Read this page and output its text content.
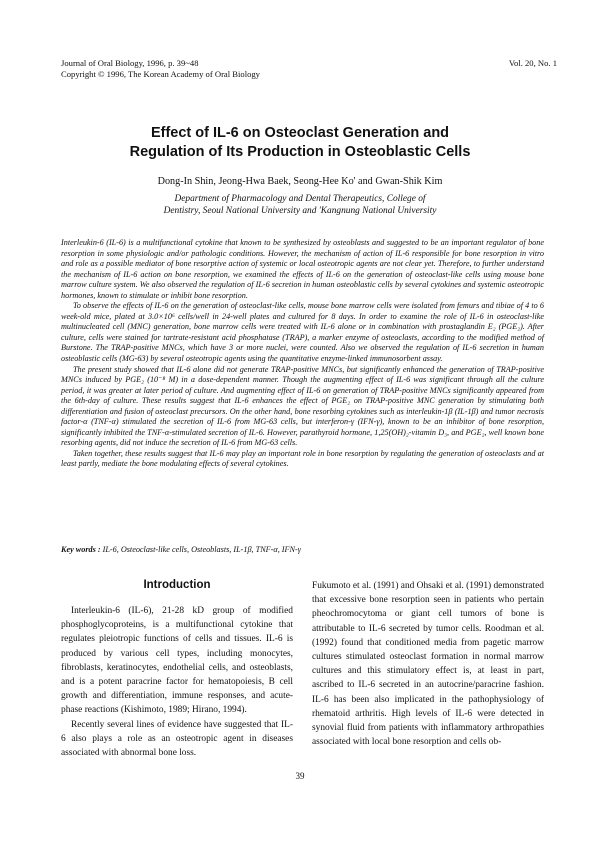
Journal of Oral Biology, 1996, p. 39~48
Copyright © 1996, The Korean Academy of Oral Biology
Vol. 20, No. 1
Effect of IL-6 on Osteoclast Generation and
Regulation of Its Production in Osteoblastic Cells
Dong-In Shin, Jeong-Hwa Baek, Seong-Hee Ko' and Gwan-Shik Kim
Department of Pharmacology and Dental Therapeutics, College of
Dentistry, Seoul National University and 'Kangnung National University

Interleukin-6 (IL-6) is a multifunctional cytokine that known to be synthesized by osteoblasts and suggested to be an important regulator of bone resorption in some physiologic and/or pathologic conditions. However, the mechanism of action of IL-6 responsible for bone resorption in vitro and role as a possible mediator of bone resorptive action of systemic or local osteotropic agents are not clear yet. Therefore, to further understand the mechanism of IL-6 action on bone resorption, we examined the effects of IL-6 on the generation of osteoclast-like cells using mouse bone marrow culture system. We also observed the regulation of IL-6 secretion in human osteoblastic cells by several cytokines and systemic osteotropic hormones, known to stimulate or inhibit bone resorption.

To observe the effects of IL-6 on the generation of osteoclast-like cells, mouse bone marrow cells were isolated from femurs and tibiae of 4 to 6 week-old mice, plated at 3.0×10⁶ cells/well in 24-well plates and cultured for 8 days. In order to examine the role of IL-6 in osteoclast-like multinucleated cell (MNC) generation, bone marrow cells were treated with IL-6 alone or in combination with prostaglandin E₂ (PGE₂). After culture, cells were stained for tartrate-resistant acid phosphatase (TRAP), a marker enzyme of osteoclasts, according to the modified method of Burstone. The TRAP-positive MNCs, which have 3 or more nuclei, were counted. Also we observed the regulation of IL-6 secretion in human osteoblastic cells (MG-63) by several osteotropic agents using the quantitative enzyme-linked immunosorbent assay.

The present study showed that IL-6 alone did not generate TRAP-positive MNCs, but significantly enhanced the generation of TRAP-positive MNCs induced by PGE₂ (10⁻⁸ M) in a dose-dependent manner. Though the augmenting effect of IL-6 was significant through all the culture period, it was greater at later period of culture. And augmenting effect of IL-6 on generation of TRAP-positive MNCs significantly appeared from the 6th-day of culture. These results suggest that IL-6 enhances the effect of PGE₂ on TRAP-positive MNC generation by stimulating both differentiation and fusion of osteoclast precursors. On the other hand, bone resorbing cytokines such as interleukin-1β (IL-1β) and tumor necrosis factor-α (TNF-α) stimulated the secretion of IL-6 from MG-63 cells, but interferon-γ (IFN-γ), known to be an inhibitor of bone resorption, significantly inhibited the TNF-α-stimulated secretion of IL-6. However, parathyroid hormone, 1,25(OH)₂-vitamin D₃, and PGE₂, well known bone resorbing agents, did not induce the secretion of IL-6 from MG-63 cells.

Taken together, these results suggest that IL-6 may play an important role in bone resorption by regulating the generation of osteoclasts and at least partly, mediate the bone modulating effects of several cytokines.

Key words : IL-6, Osteoclast-like cells, Osteoblasts, IL-1β, TNF-α, IFN-γ
Introduction

Interleukin-6 (IL-6), 21-28 kD group of modified phosphoglycoproteins, is a multifunctional cytokine that regulates pleiotropic functions of cells and tissues. IL-6 is produced by various cell types, including monocytes, fibroblasts, keratinocytes, endothelial cells, and osteoblasts, and is a potent paracrine factor for hematopoiesis, B cell growth and differentiation, immune responses, and acute-phase reactions (Kishimoto, 1989; Hirano, 1994).

Recently several lines of evidence have suggested that IL-6 also plays a role as an osteotropic agent in diseases associated with abnormal bone loss.

Fukumoto et al. (1991) and Ohsaki et al. (1991) demonstrated that excessive bone resorption seen in patients who pertain pheochromocytoma or giant cell tumors of bone is attributable to IL-6 secreted by tumor cells. Roodman et al. (1992) found that conditioned media from pagetic marrow cultures stimulated osteoclast formation in normal marrow cultures and this stimulatory effect is, at least in part, ascribed to IL-6 secreted in an autocrine/paracrine fashion. IL-6 has been also implicated in the pathophysiology of rhematoid arthritis. High levels of IL-6 were detected in synovial fluid from patients with inflammatory arthropathies associated with local bone resorption and cells ob-

39
